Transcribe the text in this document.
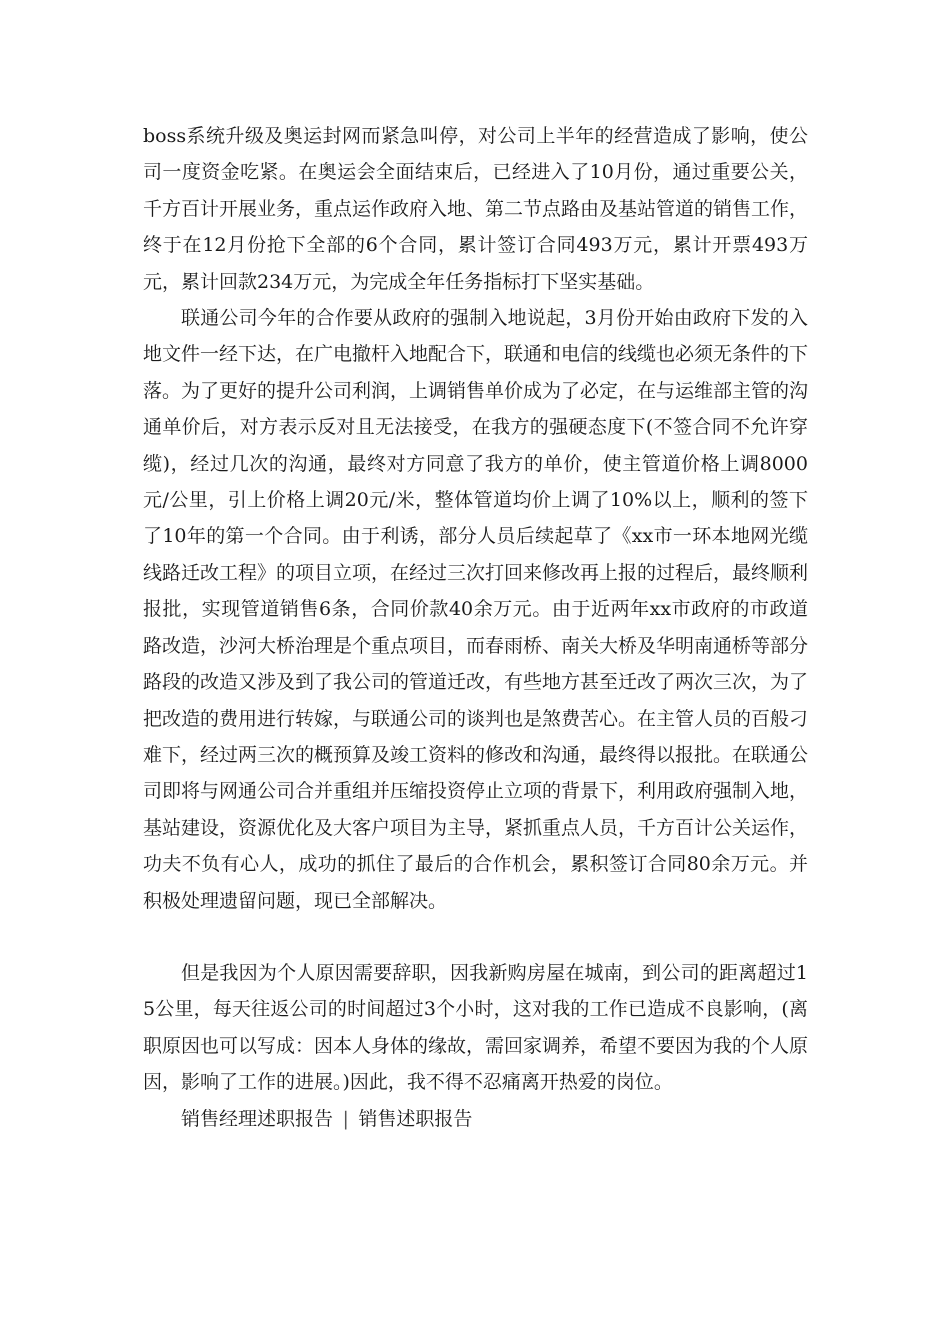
boss系统升级及奥运封网而紧急叫停，对公司上半年的经营造成了影响，使公司一度资金吃紧。在奥运会全面结束后，已经进入了10月份，通过重要公关，千方百计开展业务，重点运作政府入地、第二节点路由及基站管道的销售工作，终于在12月份抢下全部的6个合同，累计签订合同493万元，累计开票493万元，累计回款234万元，为完成全年任务指标打下坚实基础。

联通公司今年的合作要从政府的强制入地说起，3月份开始由政府下发的入地文件一经下达，在广电撤杆入地配合下，联通和电信的线缆也必须无条件的下落。为了更好的提升公司利润，上调销售单价成为了必定，在与运维部主管的沟通单价后，对方表示反对且无法接受，在我方的强硬态度下(不签合同不允许穿缆)，经过几次的沟通，最终对方同意了我方的单价，使主管道价格上调8000元/公里，引上价格上调20元/米，整体管道均价上调了10%以上，顺利的签下了10年的第一个合同。由于利诱，部分人员后续起草了《xx市一环本地网光缆线路迁改工程》的项目立项，在经过三次打回来修改再上报的过程后，最终顺利报批，实现管道销售6条，合同价款40余万元。由于近两年xx市政府的市政道路改造，沙河大桥治理是个重点项目，而春雨桥、南关大桥及华明南通桥等部分路段的改造又涉及到了我公司的管道迁改，有些地方甚至迁改了两次三次，为了把改造的费用进行转嫁，与联通公司的谈判也是煞费苦心。在主管人员的百般刁难下，经过两三次的概预算及竣工资料的修改和沟通，最终得以报批。在联通公司即将与网通公司合并重组并压缩投资停止立项的背景下，利用政府强制入地，基站建设，资源优化及大客户项目为主导，紧抓重点人员，千方百计公关运作，功夫不负有心人，成功的抓住了最后的合作机会，累积签订合同80余万元。并积极处理遗留问题，现已全部解决。

但是我因为个人原因需要辞职，因我新购房屋在城南，到公司的距离超过15公里，每天往返公司的时间超过3个小时，这对我的工作已造成不良影响，(离职原因也可以写成：因本人身体的缘故，需回家调养，希望不要因为我的个人原因，影响了工作的进展。)因此，我不得不忍痛离开热爱的岗位。

销售经理述职报告 | 销售述职报告
